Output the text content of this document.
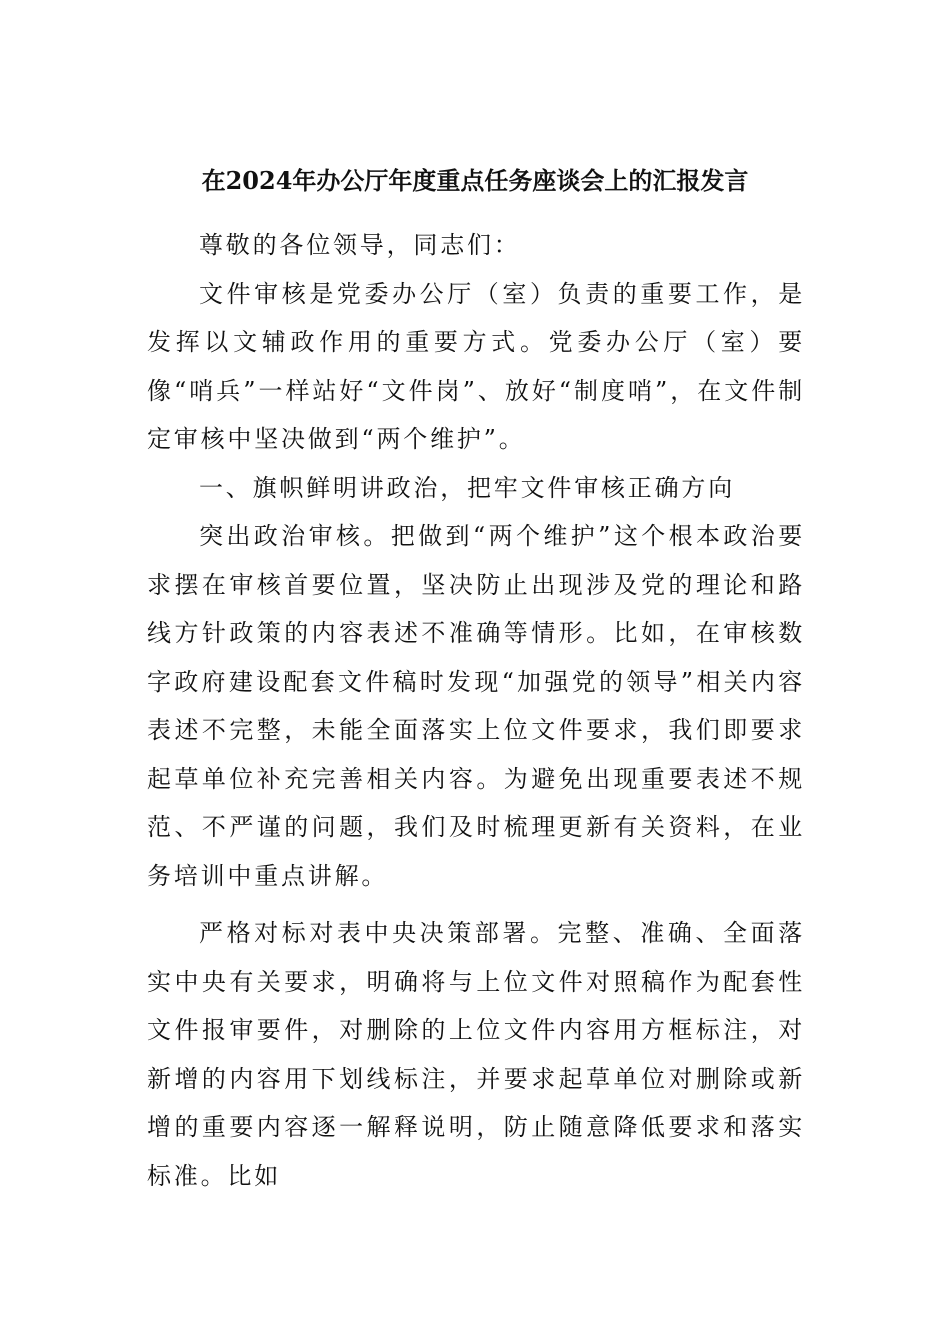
在2024年办公厅年度重点任务座谈会上的汇报发言

尊敬的各位领导，同志们：

文件审核是党委办公厅（室）负责的重要工作，是发挥以文辅政作用的重要方式。党委办公厅（室）要像“哨兵”一样站好“文件岗”、放好“制度哨”，在文件制定审核中坚决做到“两个维护”。

一、旗帜鲜明讲政治，把牢文件审核正确方向

突出政治审核。把做到“两个维护”这个根本政治要求摆在审核首要位置，坚决防止出现涉及党的理论和路线方针政策的内容表述不准确等情形。比如，在审核数字政府建设配套文件稿时发现“加强党的领导”相关内容表述不完整，未能全面落实上位文件要求，我们即要求起草单位补充完善相关内容。为避免出现重要表述不规范、不严谨的问题，我们及时梳理更新有关资料，在业务培训中重点讲解。

严格对标对表中央决策部署。完整、准确、全面落实中央有关要求，明确将与上位文件对照稿作为配套性文件报审要件，对删除的上位文件内容用方框标注，对新增的内容用下划线标注，并要求起草单位对删除或新增的重要内容逐一解释说明，防止随意降低要求和落实标准。比如
